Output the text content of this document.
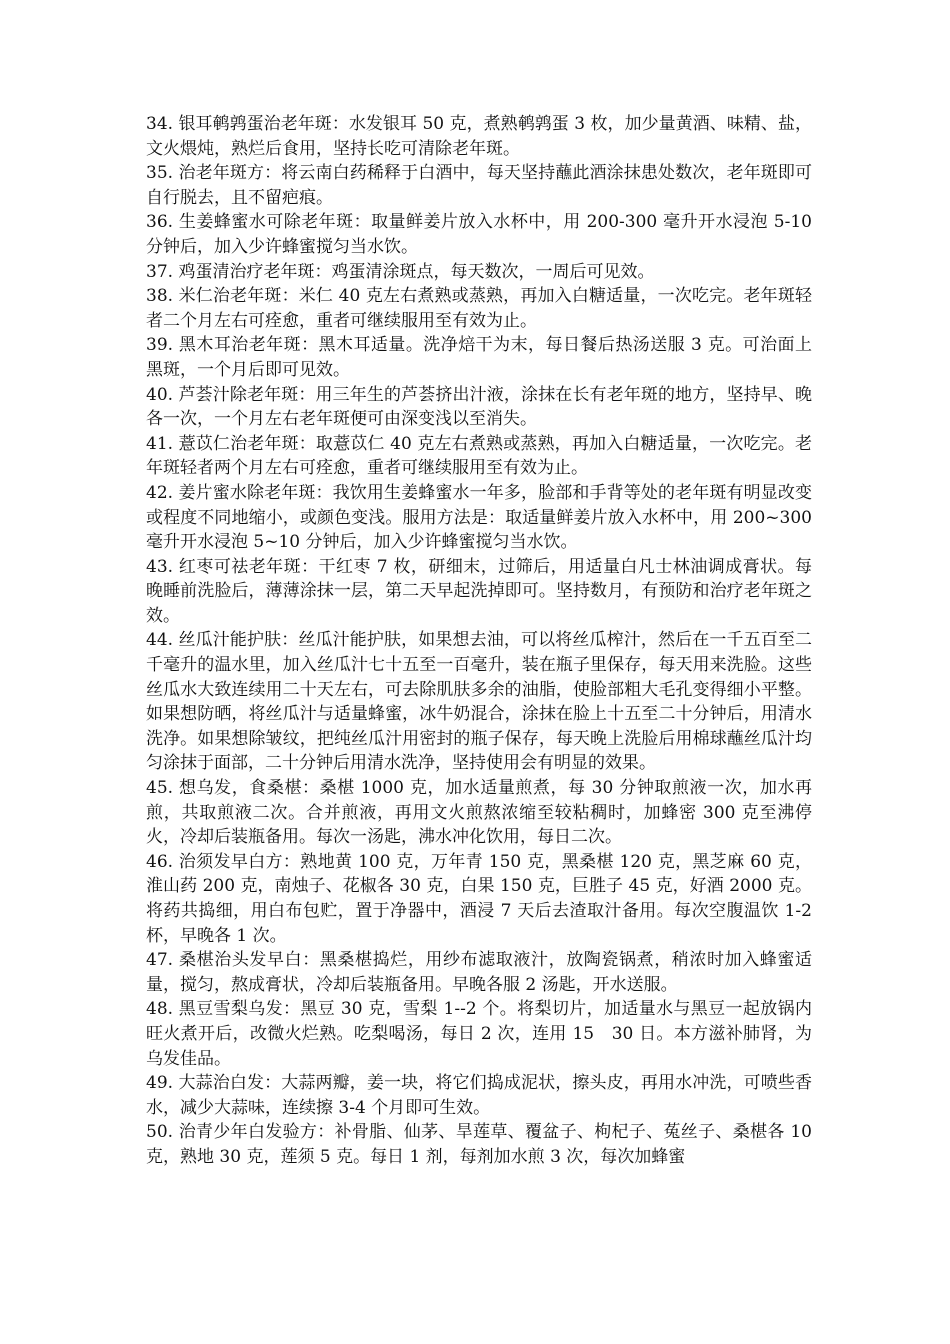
34. 银耳鹌鹑蛋治老年斑：水发银耳 50 克，煮熟鹌鹑蛋 3 枚，加少量黄酒、味精、盐，文火煨炖，熟烂后食用，坚持长吃可清除老年斑。

35. 治老年斑方：将云南白药稀释于白酒中，每天坚持蘸此酒涂抹患处数次，老年斑即可自行脱去，且不留疤痕。

36. 生姜蜂蜜水可除老年斑：取量鲜姜片放入水杯中，用 200-300 毫升开水浸泡 5-10 分钟后，加入少许蜂蜜搅匀当水饮。

37. 鸡蛋清治疗老年斑：鸡蛋清涂斑点，每天数次，一周后可见效。

38. 米仁治老年斑：米仁 40 克左右煮熟或蒸熟，再加入白糖适量，一次吃完。老年斑轻者二个月左右可痊愈，重者可继续服用至有效为止。

39. 黑木耳治老年斑：黑木耳适量。洗净焙干为末，每日餐后热汤送服 3 克。可治面上黑斑，一个月后即可见效。

40. 芦荟汁除老年斑：用三年生的芦荟挤出汁液，涂抹在长有老年斑的地方，坚持早、晚各一次，一个月左右老年斑便可由深变浅以至消失。

41. 薏苡仁治老年斑：取薏苡仁 40 克左右煮熟或蒸熟，再加入白糖适量，一次吃完。老年斑轻者两个月左右可痊愈，重者可继续服用至有效为止。

42. 姜片蜜水除老年斑：我饮用生姜蜂蜜水一年多，脸部和手背等处的老年斑有明显改变或程度不同地缩小，或颜色变浅。服用方法是：取适量鲜姜片放入水杯中，用 200~300 毫升开水浸泡 5~10 分钟后，加入少许蜂蜜搅匀当水饮。

43. 红枣可祛老年斑：干红枣 7 枚，研细末，过筛后，用适量白凡士林油调成膏状。每晚睡前洗脸后，薄薄涂抹一层，第二天早起洗掉即可。坚持数月，有预防和治疗老年斑之效。

44. 丝瓜汁能护肤：丝瓜汁能护肤，如果想去油，可以将丝瓜榨汁，然后在一千五百至二千毫升的温水里，加入丝瓜汁七十五至一百毫升，装在瓶子里保存，每天用来洗脸。这些丝瓜水大致连续用二十天左右，可去除肌肤多余的油脂，使脸部粗大毛孔变得细小平整。如果想防晒，将丝瓜汁与适量蜂蜜，冰牛奶混合，涂抹在脸上十五至二十分钟后，用清水洗净。如果想除皱纹，把纯丝瓜汁用密封的瓶子保存，每天晚上洗脸后用棉球蘸丝瓜汁均匀涂抹于面部，二十分钟后用清水洗净，坚持使用会有明显的效果。

45. 想乌发，食桑椹：桑椹 1000 克，加水适量煎煮，每 30 分钟取煎液一次，加水再煎，共取煎液二次。合并煎液，再用文火煎熬浓缩至较粘稠时，加蜂密 300 克至沸停火，冷却后装瓶备用。每次一汤匙，沸水冲化饮用，每日二次。

46. 治须发早白方：熟地黄 100 克，万年青 150 克，黑桑椹 120 克，黑芝麻 60 克，淮山药 200 克，南烛子、花椒各 30 克，白果 150 克，巨胜子 45 克，好酒 2000 克。将药共捣细，用白布包贮，置于净器中，酒浸 7 天后去渣取汁备用。每次空腹温饮 1-2 杯，早晚各 1 次。

47. 桑椹治头发早白：黑桑椹捣烂，用纱布滤取液汁，放陶瓷锅煮，稍浓时加入蜂蜜适量，搅匀，熬成膏状，冷却后装瓶备用。早晚各服 2 汤匙，开水送服。

48. 黑豆雪梨乌发：黑豆 30 克，雪梨 1--2 个。将梨切片，加适量水与黑豆一起放锅内旺火煮开后，改微火烂熟。吃梨喝汤，每日 2 次，连用 15　30 日。本方滋补肺肾，为乌发佳品。

49. 大蒜治白发：大蒜两瓣，姜一块，将它们捣成泥状，擦头皮，再用水冲洗，可喷些香水，减少大蒜味，连续擦 3-4 个月即可生效。

50. 治青少年白发验方：补骨脂、仙茅、旱莲草、覆盆子、枸杞子、菟丝子、桑椹各 10 克，熟地 30 克，莲须 5 克。每日 1 剂，每剂加水煎 3 次，每次加蜂蜜
